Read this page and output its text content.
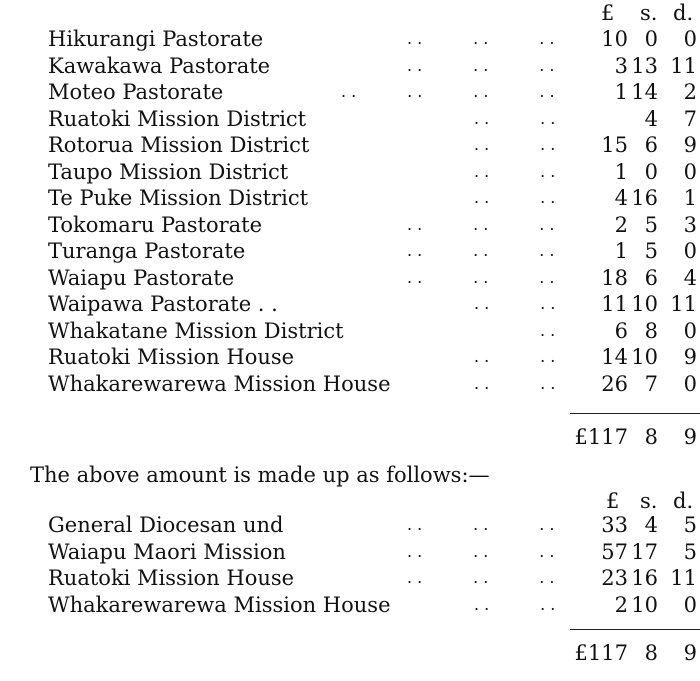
£ s. d.
Hikurangi Pastorate	. .          . .          . .	10 0	0
Kawakawa Pastorate	. .          . .          . .	3 13 11
Moteo Pastorate	. .          . .          . .          . .	1 14	2
Ruatoki Mission District	. .          . .	4	7
Rotorua Mission District	. .          . .	15 6	9
Taupo Mission District	. .          . .	1 0	0
Te Puke Mission District	. .          . .	4 16	1
Tokomaru Pastorate	. .          . .          . .	2 5	3
Turanga Pastorate	. .          . .          . .	1 5	0
Waiapu Pastorate	. .          . .          . .	18 6	4
Waipawa Pastorate . .	. .          . .	11 10 11
Whakatane Mission District	. .	6 8	0
Ruatoki Mission House	. .          . .	14 10	9
Whakarewarewa Mission House	. .          . .	26 7	0
£117 8	9
The above amount is made up as follows:—
£ s. d.
General Diocesan und	. .          . .          . .	33 4	5
Waiapu Maori Mission	. .          . .          . .	57 17	5
Ruatoki Mission House	. .          . .          . .	23 16 11
Whakarewarewa Mission House	. .          . .	2 10	0
£117 8	9
